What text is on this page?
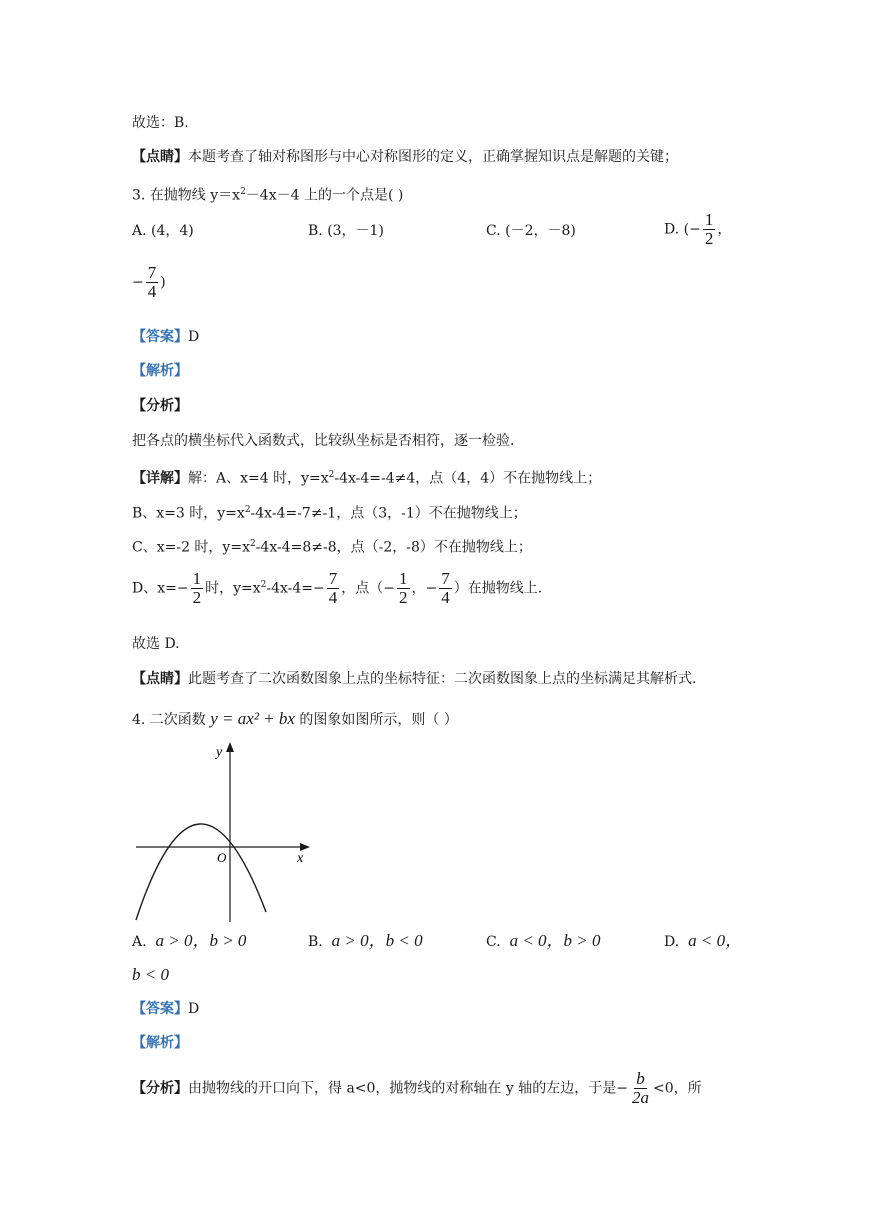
故选：B.
【点睛】本题考查了轴对称图形与中心对称图形的定义，正确掌握知识点是解题的关键；
3. 在抛物线 $y=x^2-4x-4$ 上的一个点是( )
A. (4，4)	B. (3，－1)	C. (－2，－8)	D. (− $\frac{1}{2}$ ，
− $\frac{7}{4}$ )
【答案】D
【解析】
【分析】
把各点的横坐标代入函数式，比较纵坐标是否相符，逐一检验.
【详解】解：A、x=4 时，$y=x^2-4x-4=-4\ne 4$，点（4，4）不在抛物线上；
B、x=3 时，$y=x^2-4x-4=-7\ne-1$，点（3，-1）不在抛物线上；
C、x=-2 时，$y=x^2-4x-4=8\ne-8$，点（-2，-8）不在抛物线上；
D、$x=- \frac{1}{2}$ 时，$y=x^2-4x-4=- \frac{7}{4}$ ，点（− $\frac{1}{2}$ ，− $\frac{7}{4}$ ）在抛物线上.
故选 D.
【点睛】此题考查了二次函数图象上点的坐标特征：二次函数图象上点的坐标满足其解析式.
4. 二次函数 y = ax² + bx 的图象如图所示，则（ ）
y
x
O
A. a > 0，b > 0	B. a > 0，b < 0	C. a < 0，b > 0	D. a < 0，
b < 0
【答案】D
【解析】
【分析】由抛物线的开口向下，得 a<0，抛物线的对称轴在 y 轴的左边，于是− $\frac{b}{2a} <0$，所
